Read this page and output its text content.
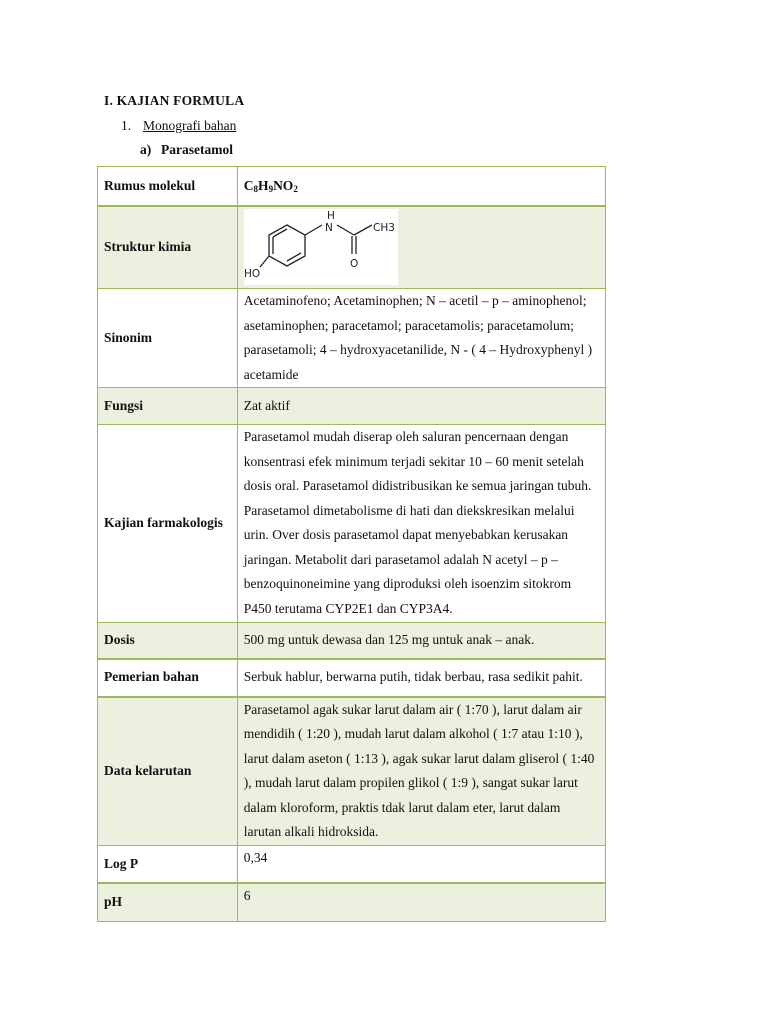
I. KAJIAN FORMULA
1. Monografi bahan
a) Parasetamol
Rumus molekul	$C_8H_9NO_2$
Struktur kimia	H
N CH3
O
HO

Sinonim	Acetaminofeno; Acetaminophen; N – acetil – p – aminophenol; asetaminophen; paracetamol; paracetamolis; paracetamolum; parasetamoli; 4 – hydroxyacetanilide, N - ( 4 – Hydroxyphenyl ) acetamide
Fungsi	Zat aktif
Kajian farmakologis	Parasetamol mudah diserap oleh saluran pencernaan dengan konsentrasi efek minimum terjadi sekitar 10 – 60 menit setelah dosis oral. Parasetamol didistribusikan ke semua jaringan tubuh. Parasetamol dimetabolisme di hati dan diekskresikan melalui urin. Over dosis parasetamol dapat menyebabkan kerusakan jaringan. Metabolit dari parasetamol adalah N acetyl – p – benzoquinoneimine yang diproduksi oleh isoenzim sitokrom P450 terutama CYP2E1 dan CYP3A4.
Dosis	500 mg untuk dewasa dan 125 mg untuk anak – anak.
Pemerian bahan	Serbuk hablur, berwarna putih, tidak berbau, rasa sedikit pahit.
Data kelarutan	Parasetamol agak sukar larut dalam air ( 1:70 ), larut dalam air mendidih ( 1:20 ), mudah larut dalam alkohol ( 1:7 atau 1:10 ), larut dalam aseton ( 1:13 ), agak sukar larut dalam gliserol ( 1:40 ), mudah larut dalam propilen glikol ( 1:9 ), sangat sukar larut dalam kloroform, praktis tdak larut dalam eter, larut dalam larutan alkali hidroksida.
Log P	0,34
pH	6
